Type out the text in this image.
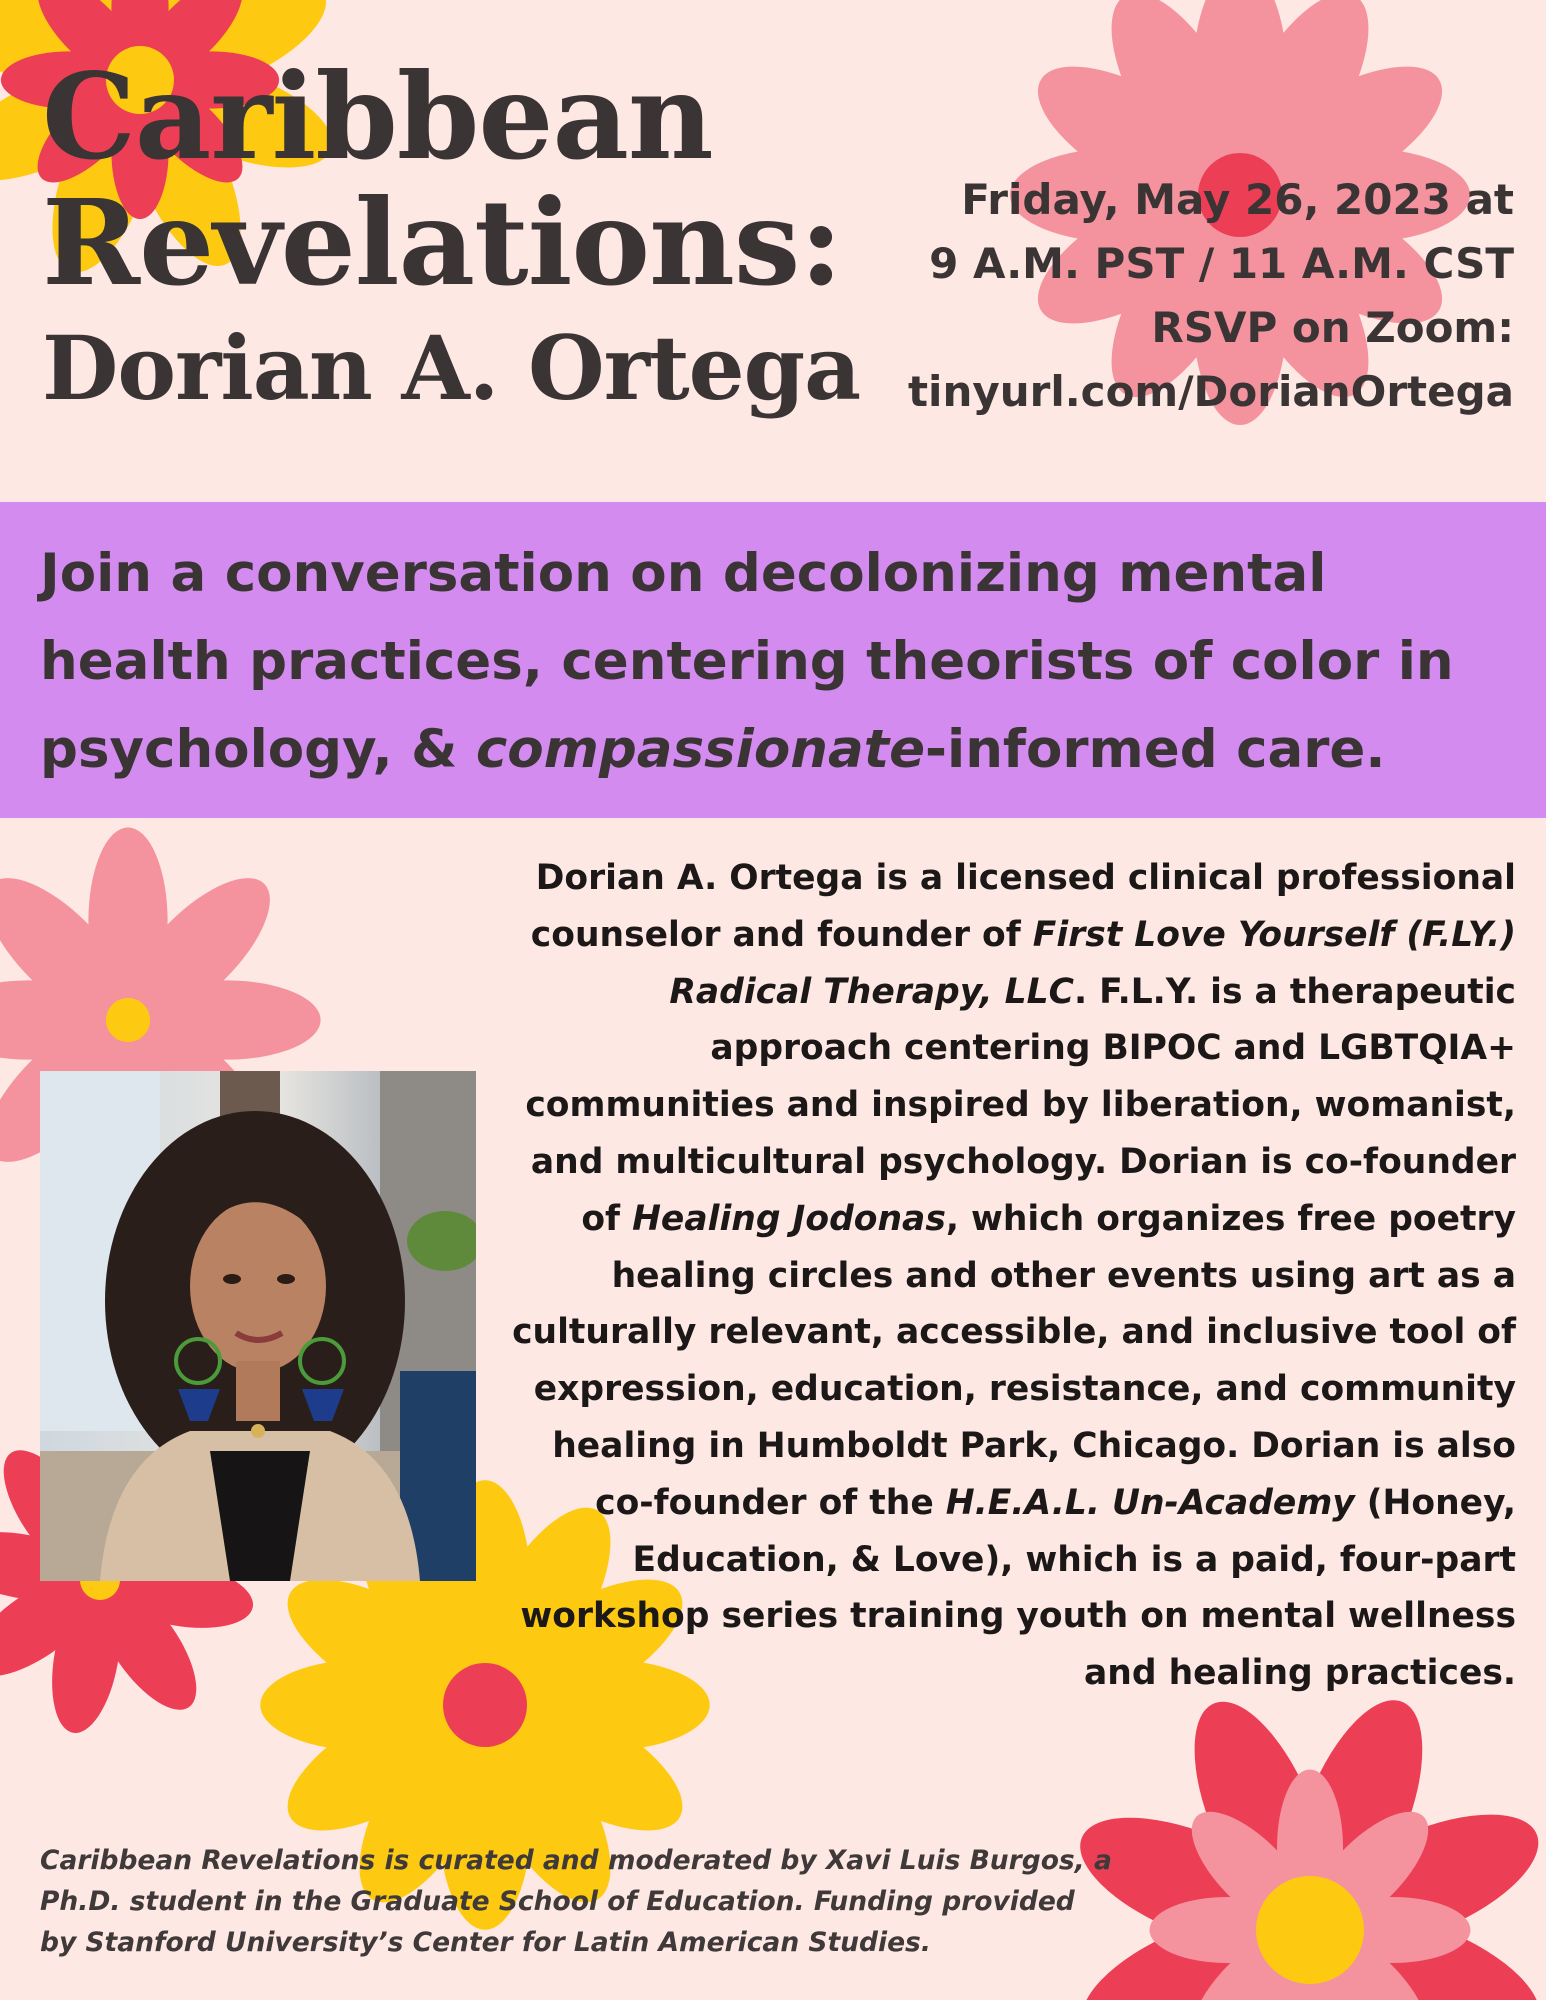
Caribbean
Revelations:
Dorian A. Ortega
Friday, May 26, 2023 at
9 A.M. PST / 11 A.M. CST
RSVP on Zoom:
tinyurl.com/DorianOrtega

Join a conversation on decolonizing mental health practices, centering theorists of color in psychology, & compassionate-informed care.

Dorian A. Ortega is a licensed clinical professional counselor and founder of First Love Yourself (F.LY.) Radical Therapy, LLC. F.L.Y. is a therapeutic approach centering BIPOC and LGBTQIA+ communities and inspired by liberation, womanist, and multicultural psychology. Dorian is co-founder of Healing Jodonas, which organizes free poetry healing circles and other events using art as a culturally relevant, accessible, and inclusive tool of expression, education, resistance, and community healing in Humboldt Park, Chicago. Dorian is also co-founder of the H.E.A.L. Un-Academy (Honey, Education, & Love), which is a paid, four-part workshop series training youth on mental wellness and healing practices.

Caribbean Revelations is curated and moderated by Xavi Luis Burgos, a Ph.D. student in the Graduate School of Education. Funding provided by Stanford University’s Center for Latin American Studies.
